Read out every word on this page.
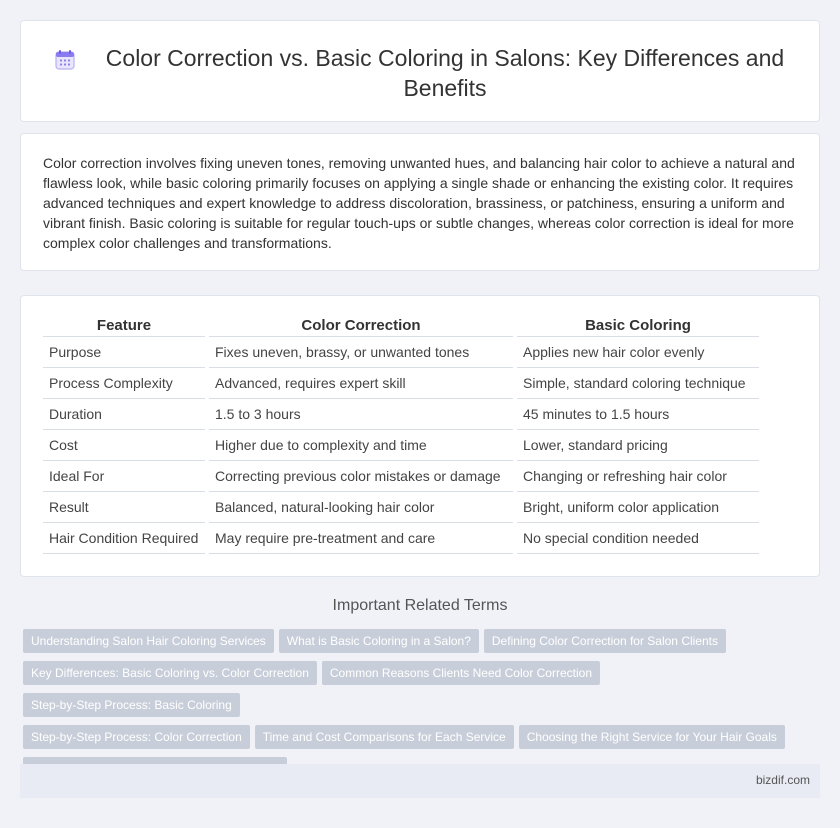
Color Correction vs. Basic Coloring in Salons: Key Differences and Benefits

Color correction involves fixing uneven tones, removing unwanted hues, and balancing hair color to achieve a natural and flawless look, while basic coloring primarily focuses on applying a single shade or enhancing the existing color. It requires advanced techniques and expert knowledge to address discoloration, brassiness, or patchiness, ensuring a uniform and vibrant finish. Basic coloring is suitable for regular touch-ups or subtle changes, whereas color correction is ideal for more complex color challenges and transformations.

Feature	Color Correction	Basic Coloring
Purpose	Fixes uneven, brassy, or unwanted tones	Applies new hair color evenly
Process Complexity	Advanced, requires expert skill	Simple, standard coloring technique
Duration	1.5 to 3 hours	45 minutes to 1.5 hours
Cost	Higher due to complexity and time	Lower, standard pricing
Ideal For	Correcting previous color mistakes or damage	Changing or refreshing hair color
Result	Balanced, natural-looking hair color	Bright, uniform color application
Hair Condition Required	May require pre-treatment and care	No special condition needed
Important Related Terms
Understanding Salon Hair Coloring Services What is Basic Coloring in a Salon? Defining Color Correction for Salon Clients
Key Differences: Basic Coloring vs. Color Correction Common Reasons Clients Need Color CorrectionStep-by-Step Process: Basic Coloring
Step-by-Step Process: Color Correction Time and Cost Comparisons for Each Service Choosing the Right Service for Your Hair Goals

bizdif.com
